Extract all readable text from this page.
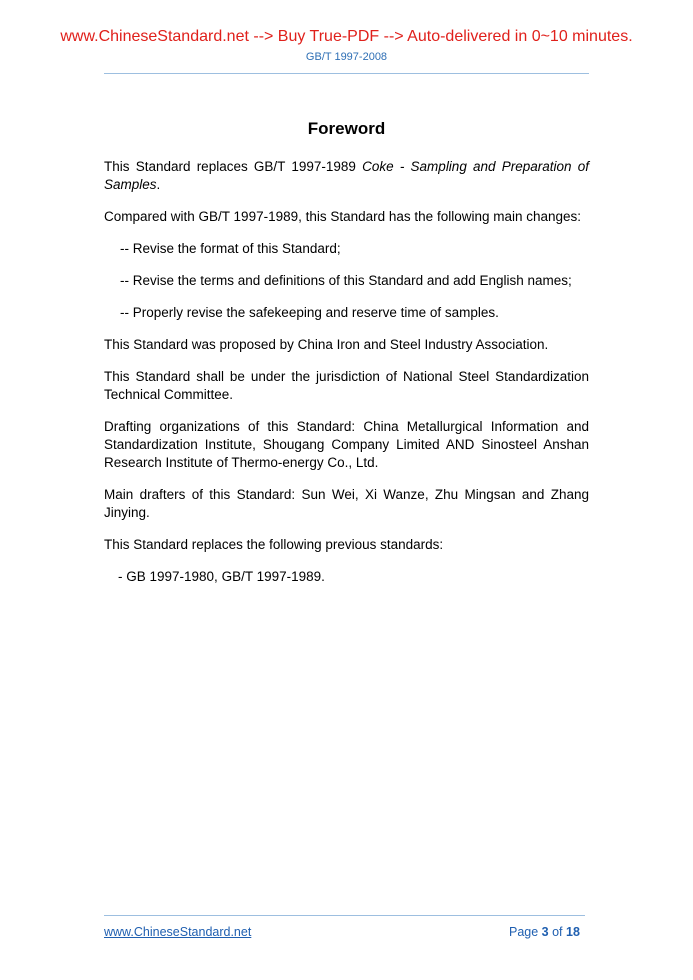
www.ChineseStandard.net --> Buy True-PDF --> Auto-delivered in 0~10 minutes.
GB/T 1997-2008
Foreword

This Standard replaces GB/T 1997-1989 Coke - Sampling and Preparation of Samples.

Compared with GB/T 1997-1989, this Standard has the following main changes:

-- Revise the format of this Standard;

-- Revise the terms and definitions of this Standard and add English names;

-- Properly revise the safekeeping and reserve time of samples.

This Standard was proposed by China Iron and Steel Industry Association.

This Standard shall be under the jurisdiction of National Steel Standardization Technical Committee.

Drafting organizations of this Standard: China Metallurgical Information and Standardization Institute, Shougang Company Limited AND Sinosteel Anshan Research Institute of Thermo-energy Co., Ltd.

Main drafters of this Standard: Sun Wei, Xi Wanze, Zhu Mingsan and Zhang Jinying.

This Standard replaces the following previous standards:

- GB 1997-1980, GB/T 1997-1989.

www.ChineseStandard.net	Page 3 of 18
